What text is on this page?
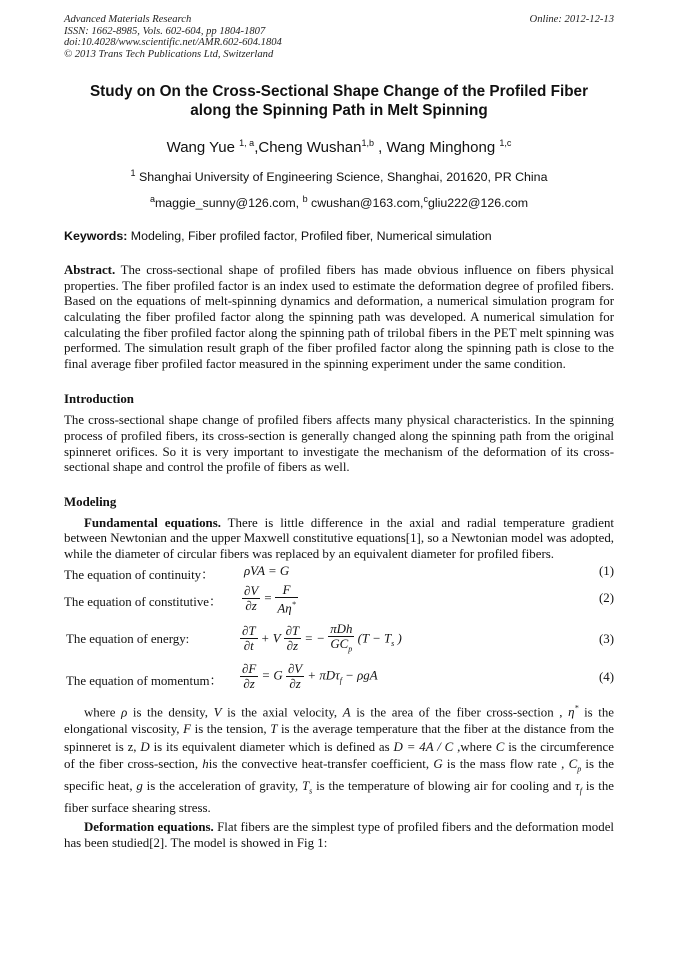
Advanced Materials Research
ISSN: 1662-8985, Vols. 602-604, pp 1804-1807
doi:10.4028/www.scientific.net/AMR.602-604.1804
© 2013 Trans Tech Publications Ltd, Switzerland
Online: 2012-12-13
Study on On the Cross-Sectional Shape Change of the Profiled Fiber
along the Spinning Path in Melt Spinning
Wang Yue $^{1, a}$,Cheng Wushan$^{1,b}$ , Wang Minghong $^{1,c}$
$^1$ Shanghai University of Engineering Science, Shanghai, 201620, PR China
$^a$maggie_sunny@126.com, $^b$ cwushan@163.com,$^c$gliu222@126.com
Keywords: Modeling, Fiber profiled factor, Profiled fiber, Numerical simulation
Abstract. The cross-sectional shape of profiled fibers has made obvious influence on fibers physical properties. The fiber profiled factor is an index used to estimate the deformation degree of profiled fibers. Based on the equations of melt-spinning dynamics and deformation, a numerical simulation program for calculating the fiber profiled factor along the spinning path was developed. A numerical simulation for calculating the fiber profiled factor along the spinning path of trilobal fibers in the PET melt spinning was performed. The simulation result graph of the fiber profiled factor along the spinning path is close to the final average fiber profiled factor measured in the spinning experiment under the same condition.
Introduction
The cross-sectional shape change of profiled fibers affects many physical characteristics. In the spinning process of profiled fibers, its cross-section is generally changed along the spinning path from the original spinneret orifices. So it is very important to investigate the mechanism of the deformation of its cross-sectional shape and control the profile of fibers as well.
Modeling
Fundamental equations. There is little difference in the axial and radial temperature gradient between Newtonian and the upper Maxwell constitutive equations[1], so a Newtonian model was adopted, while the diameter of circular fibers was replaced by an equivalent diameter for profiled fibers.
The equation of continuity： ρVA = G	(1)
The equation of constitutive： $\frac{\partial V}{\partial z} = \frac{F}{A\eta^*}$	(2)
The equation of energy:	$\frac{\partial T}{\partial t} + V \frac{\partial T}{\partial z}$ = − $\frac{\text{πDh}}{GC_p} (T - T_s$ )	(3)
The equation of momentum： $\frac{\partial F}{\partial z} = G \frac{\partial V}{\partial z} + \pi D\tau_f - \rho gA$	(4)
where ρ is the density, V is the axial velocity, A is the area of the fiber cross-section , η* is the elongational viscosity, F is the tension, T is the average temperature that the fiber at the distance from the spinneret is z, D is its equivalent diameter which is defined as D = 4A / C ,where C is the circumference of the fiber cross-section, his the convective heat-transfer coefficient, G is the mass flow rate , $C_p$ is the specific heat, g is the acceleration of gravity, $T_s$ is the temperature of blowing air for cooling and $\tau_f$ is the fiber surface shearing stress.
Deformation equations. Flat fibers are the simplest type of profiled fibers and the deformation model has been studied[2]. The model is showed in Fig 1:
